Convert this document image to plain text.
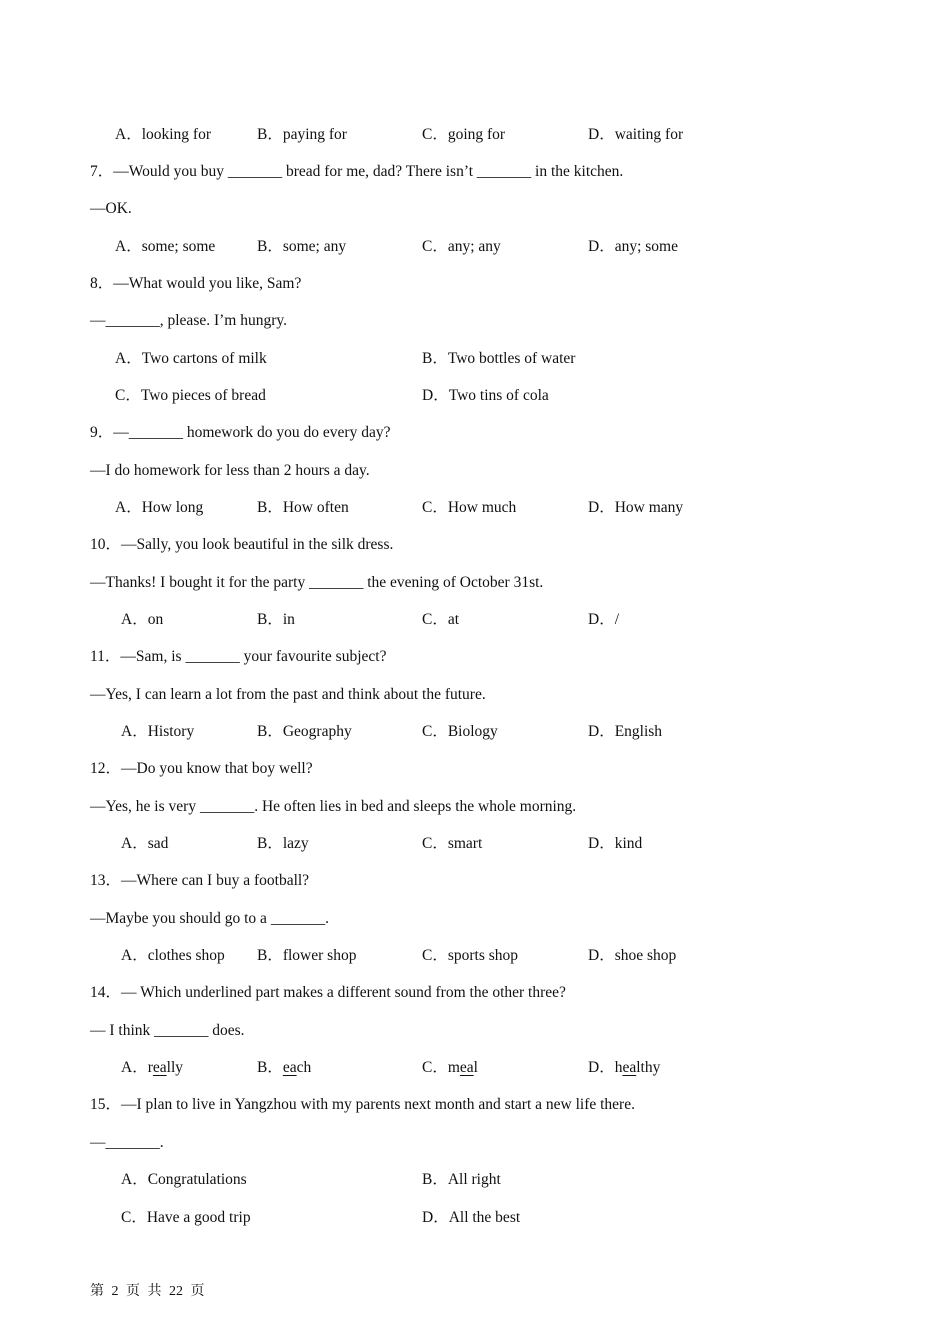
A．looking for	B．paying for	C．going for	D．waiting for
7．—Would you buy _______ bread for me, dad? There isn’t _______ in the kitchen.
—OK.
A．some; some	B．some; any	C．any; any	D．any; some
8．—What would you like, Sam?
—_______, please. I’m hungry.
A．Two cartons of milk	B．Two bottles of water
C．Two pieces of bread	D．Two tins of cola
9．—_______ homework do you do every day?
—I do homework for less than 2 hours a day.
A．How long	B．How often	C．How much	D．How many
10．—Sally, you look beautiful in the silk dress.
—Thanks! I bought it for the party _______ the evening of October 31st.
A．on	B．in	C．at	D．/
11．—Sam, is _______ your favourite subject?
—Yes, I can learn a lot from the past and think about the future.
A．History	B．Geography	C．Biology	D．English
12．—Do you know that boy well?
—Yes, he is very _______. He often lies in bed and sleeps the whole morning.
A．sad	B．lazy	C．smart	D．kind
13．—Where can I buy a football?
—Maybe you should go to a _______.
A．clothes shop B．flower shop	C．sports shop	D．shoe shop
14．— Which underlined part makes a different sound from the other three?
— I think _______ does.
A．really	B．each	C．meal	D．healthy
15．—I plan to live in Yangzhou with my parents next month and start a new life there.
—_______.
A．Congratulations	B．All right
C．Have a good trip	D．All the best
第 2 页 共 22 页
